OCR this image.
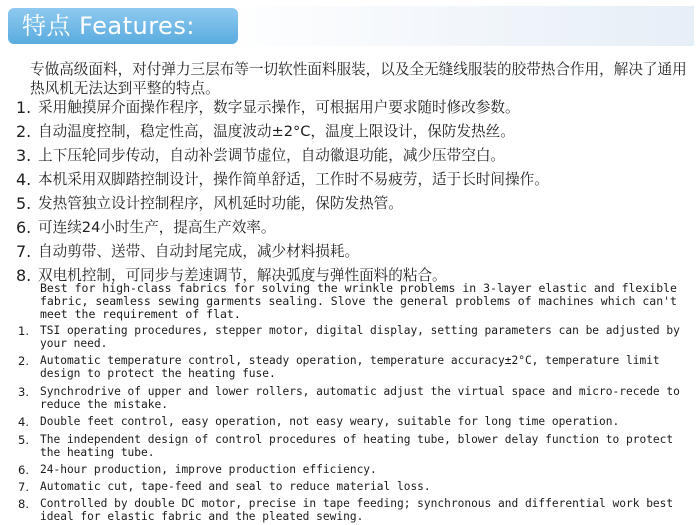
特点 Features:
专做高级面料，对付弹力三层布等一切软性面料服装，以及全无缝线服装的胶带热合作用，解决了通用热风机无法达到平整的特点。
1. 采用触摸屏介面操作程序，数字显示操作，可根据用户要求随时修改参数。
2. 自动温度控制，稳定性高，温度波动±2°C，温度上限设计，保防发热丝。
3. 上下压轮同步传动，自动补尝调节虚位，自动徽退功能，减少压带空白。
4. 本机采用双脚踏控制设计，操作简单舒适，工作时不易疲劳，适于长时间操作。
5. 发热管独立设计控制程序，风机延时功能，保防发热管。
6. 可连续24小时生产，提高生产效率。
7. 自动剪带、送带、自动封尾完成，减少材料损耗。
8. 双电机控制，可同步与差速调节，解决弧度与弹性面料的粘合。
Best for high-class fabrics for solving the wrinkle problems in 3-layer elastic and flexible fabric, seamless sewing garments sealing. Slove the general problems of machines which can't meet the requirement of flat.
1. TSI operating procedures, stepper motor, digital display, setting parameters can be adjusted by your need.
2. Automatic temperature control, steady operation, temperature accuracy±2°C, temperature limit design to protect the heating fuse.
3. Synchrodrive of upper and lower rollers, automatic adjust the virtual space and micro-recede to reduce the mistake.
4. Double feet control, easy operation, not easy weary, suitable for long time operation.
5. The independent design of control procedures of heating tube, blower delay function to protect the heating tube.
6. 24-hour production, improve production efficiency.
7. Automatic cut, tape-feed and seal to reduce material loss.
8. Controlled by double DC motor, precise in tape feeding; synchronous and differential work best ideal for elastic fabric and the pleated sewing.
